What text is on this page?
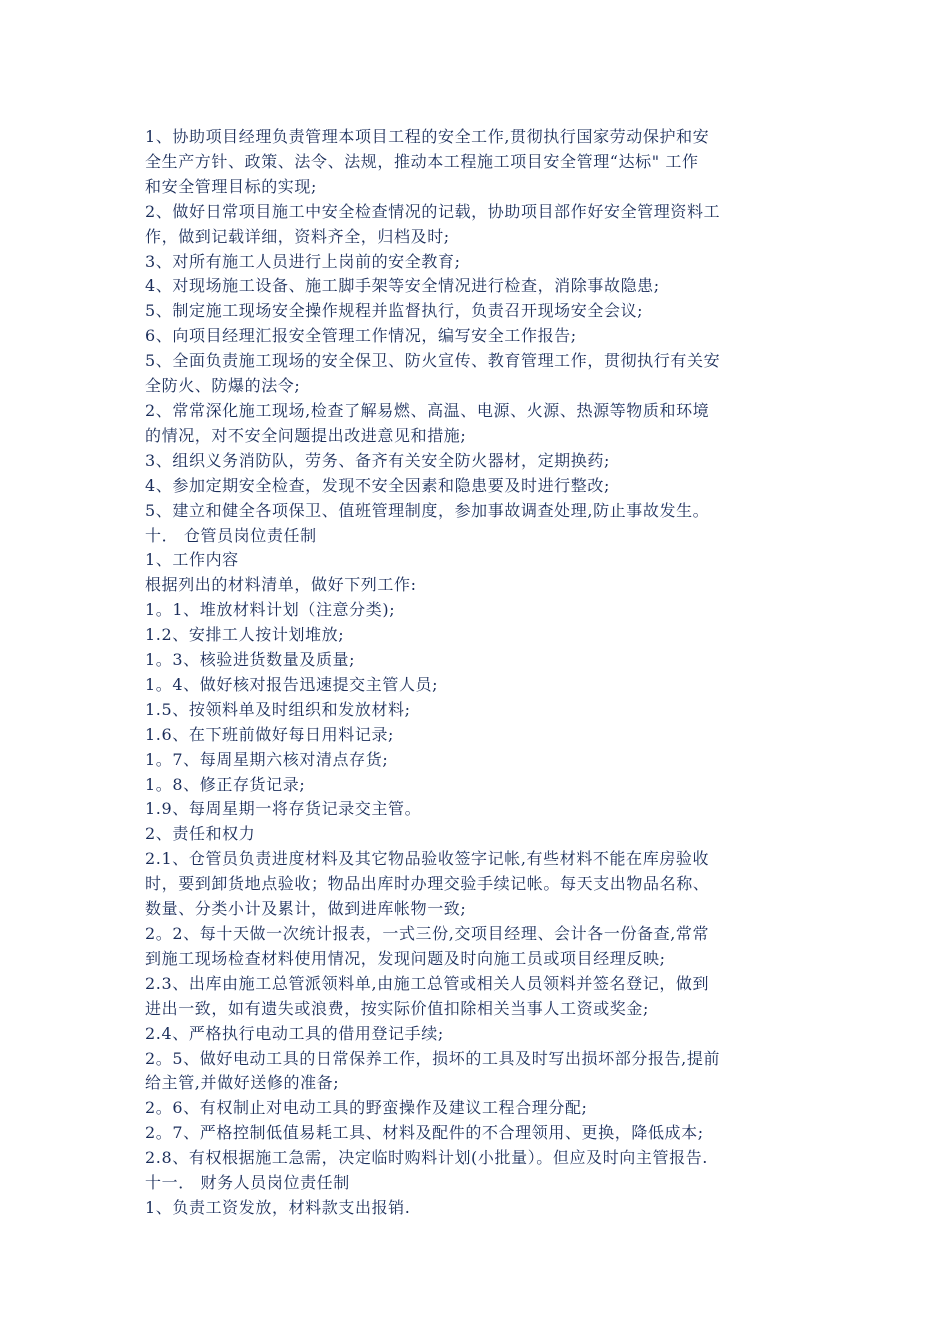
1、协助项目经理负责管理本项目工程的安全工作,贯彻执行国家劳动保护和安
全生产方针、政策、法令、法规，推动本工程施工项目安全管理“达标" 工作
和安全管理目标的实现;
2、做好日常项目施工中安全检查情况的记载，协助项目部作好安全管理资料工
作，做到记载详细，资料齐全，归档及时;
3、对所有施工人员进行上岗前的安全教育;
4、对现场施工设备、施工脚手架等安全情况进行检查，消除事故隐患;
5、制定施工现场安全操作规程并监督执行，负责召开现场安全会议;
6、向项目经理汇报安全管理工作情况，编写安全工作报告;
5、全面负责施工现场的安全保卫、防火宣传、教育管理工作，贯彻执行有关安
全防火、防爆的法令;
2、常常深化施工现场,检查了解易燃、高温、电源、火源、热源等物质和环境
的情况，对不安全问题提出改进意见和措施;
3、组织义务消防队，劳务、备齐有关安全防火器材，定期换药;
4、参加定期安全检查，发现不安全因素和隐患要及时进行整改;
5、建立和健全各项保卫、值班管理制度，参加事故调查处理,防止事故发生。
十． 仓管员岗位责任制
1、工作内容
根据列出的材料清单，做好下列工作:
1。1、堆放材料计划（注意分类);
1.2、安排工人按计划堆放;
1。3、核验进货数量及质量;
1。4、做好核对报告迅速提交主管人员;
1.5、按领料单及时组织和发放材料;
1.6、在下班前做好每日用料记录;
1。7、每周星期六核对清点存货;
1。8、修正存货记录;
1.9、每周星期一将存货记录交主管。
2、责任和权力
2.1、仓管员负责进度材料及其它物品验收签字记帐,有些材料不能在库房验收
时，要到卸货地点验收；物品出库时办理交验手续记帐。每天支出物品名称、
数量、分类小计及累计，做到进库帐物一致;
2。2、每十天做一次统计报表，一式三份,交项目经理、会计各一份备查,常常
到施工现场检查材料使用情况，发现问题及时向施工员或项目经理反映;
2.3、出库由施工总管派领料单,由施工总管或相关人员领料并签名登记，做到
进出一致，如有遗失或浪费，按实际价值扣除相关当事人工资或奖金;
2.4、严格执行电动工具的借用登记手续;
2。5、做好电动工具的日常保养工作，损坏的工具及时写出损坏部分报告,提前
给主管,并做好送修的准备;
2。6、有权制止对电动工具的野蛮操作及建议工程合理分配;
2。7、严格控制低值易耗工具、材料及配件的不合理领用、更换，降低成本;
2.8、有权根据施工急需，决定临时购料计划(小批量）。但应及时向主管报告.
十一． 财务人员岗位责任制
1、负责工资发放，材料款支出报销.
